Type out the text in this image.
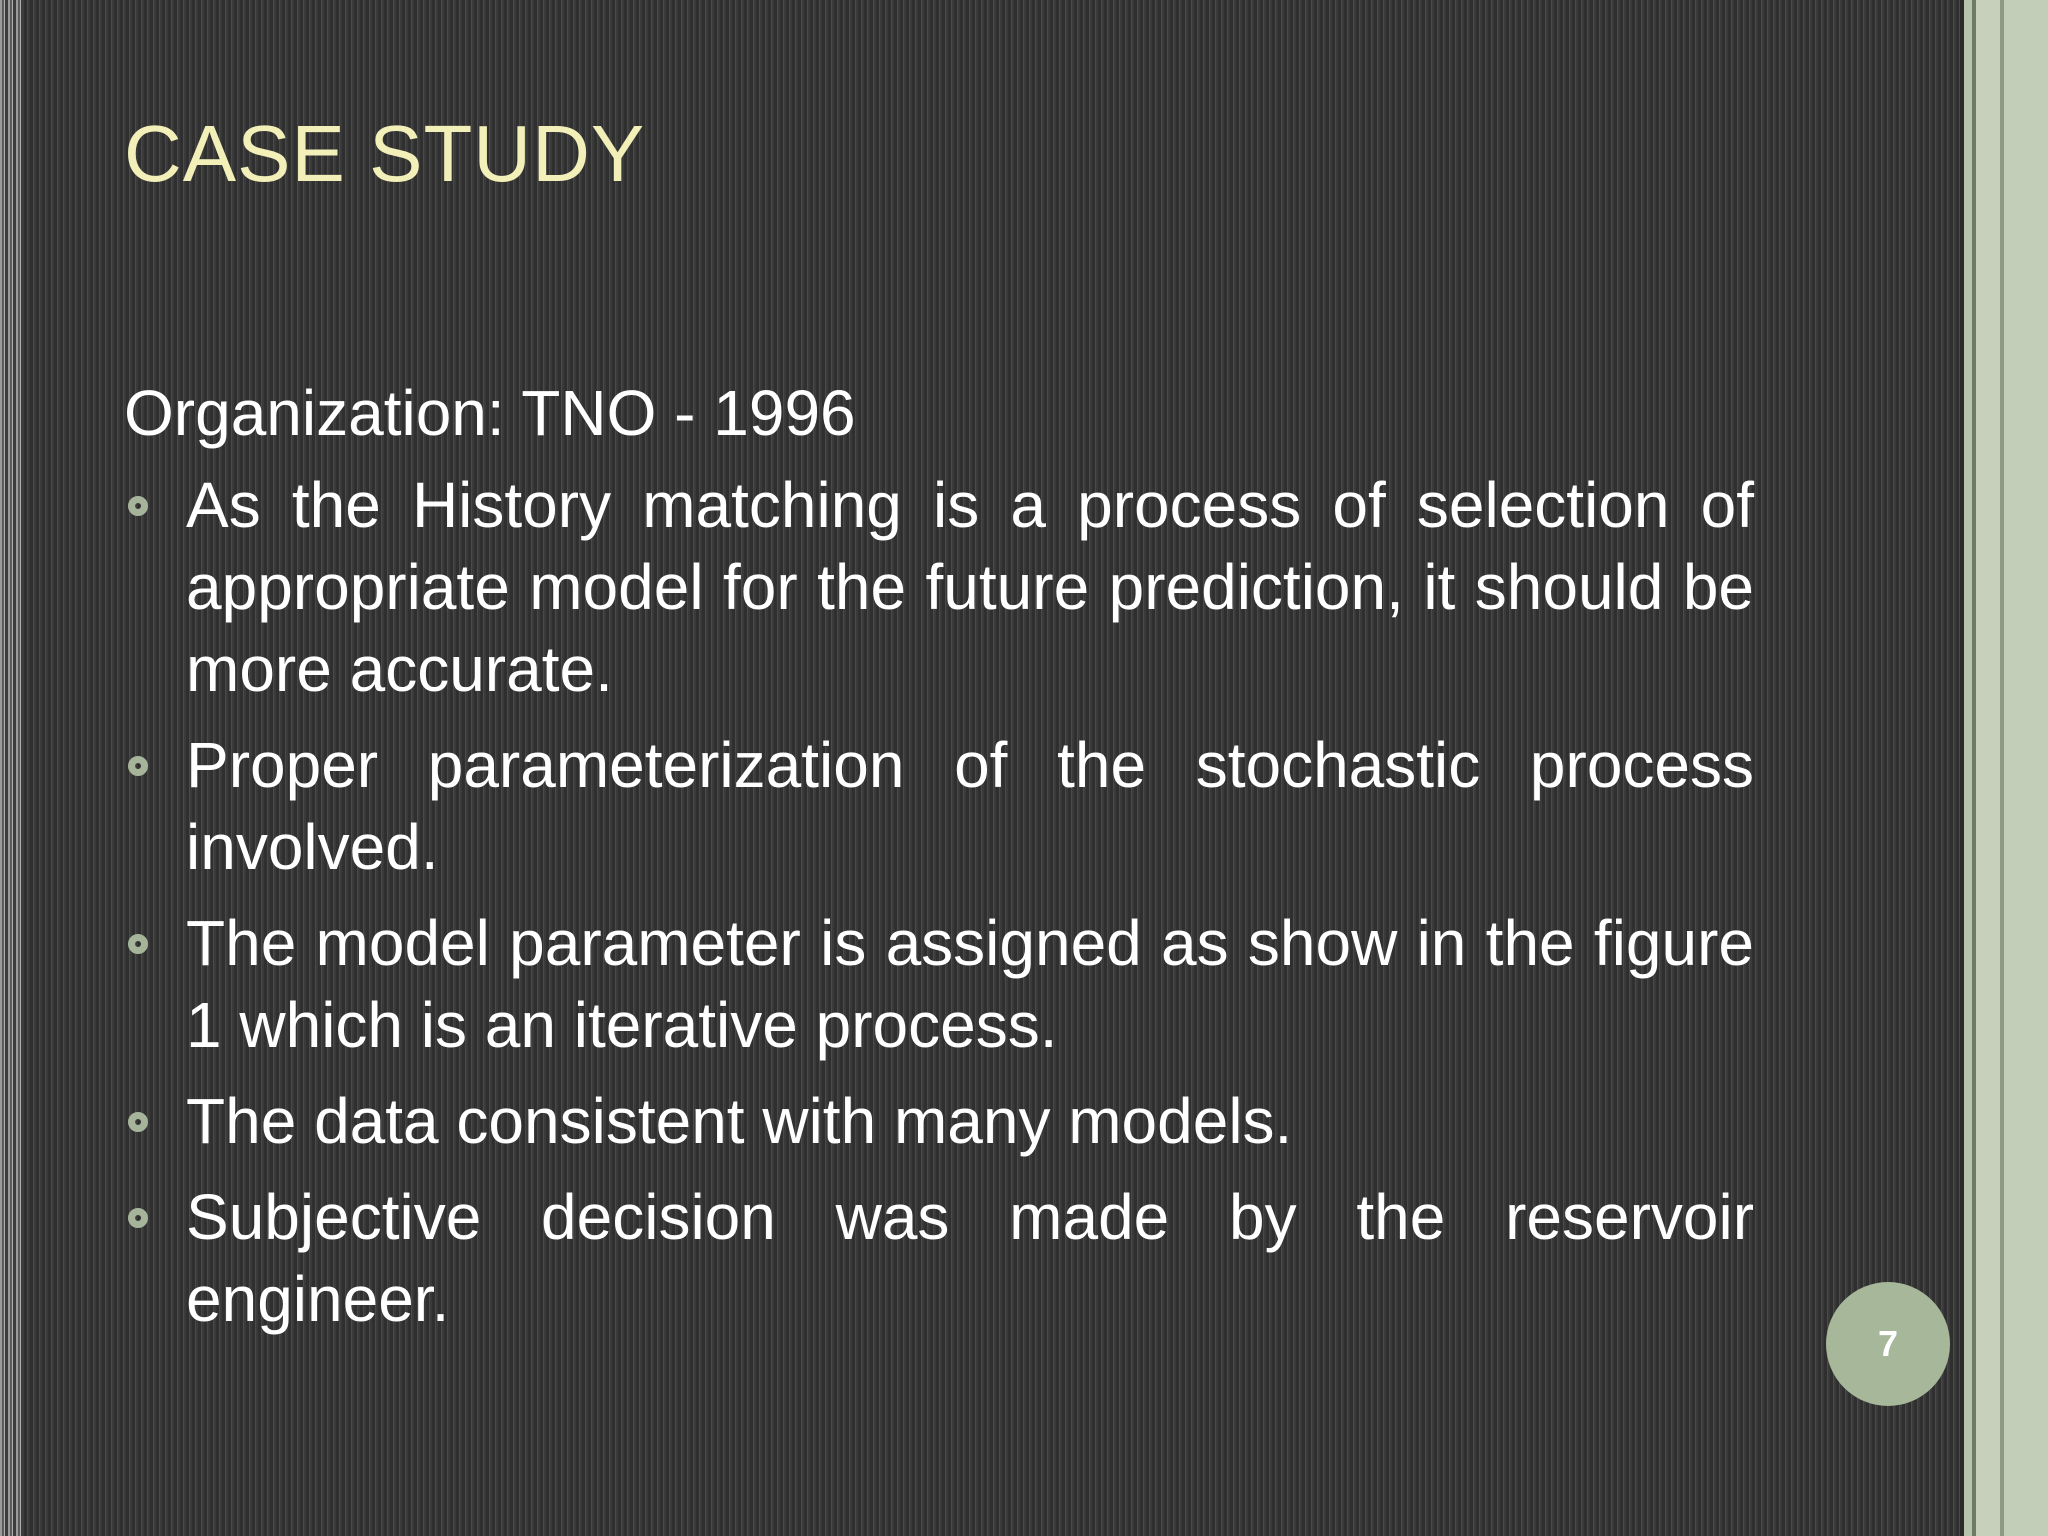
CASE STUDY

Organization: TNO - 1996

As the History matching is a process of selection of appropriate model for the future prediction, it should be more accurate.
Proper parameterization of the stochastic process involved.
The model parameter is assigned as show in the figure 1 which is an iterative process.
The data consistent with many models.
Subjective decision was made by the reservoir engineer.
7
